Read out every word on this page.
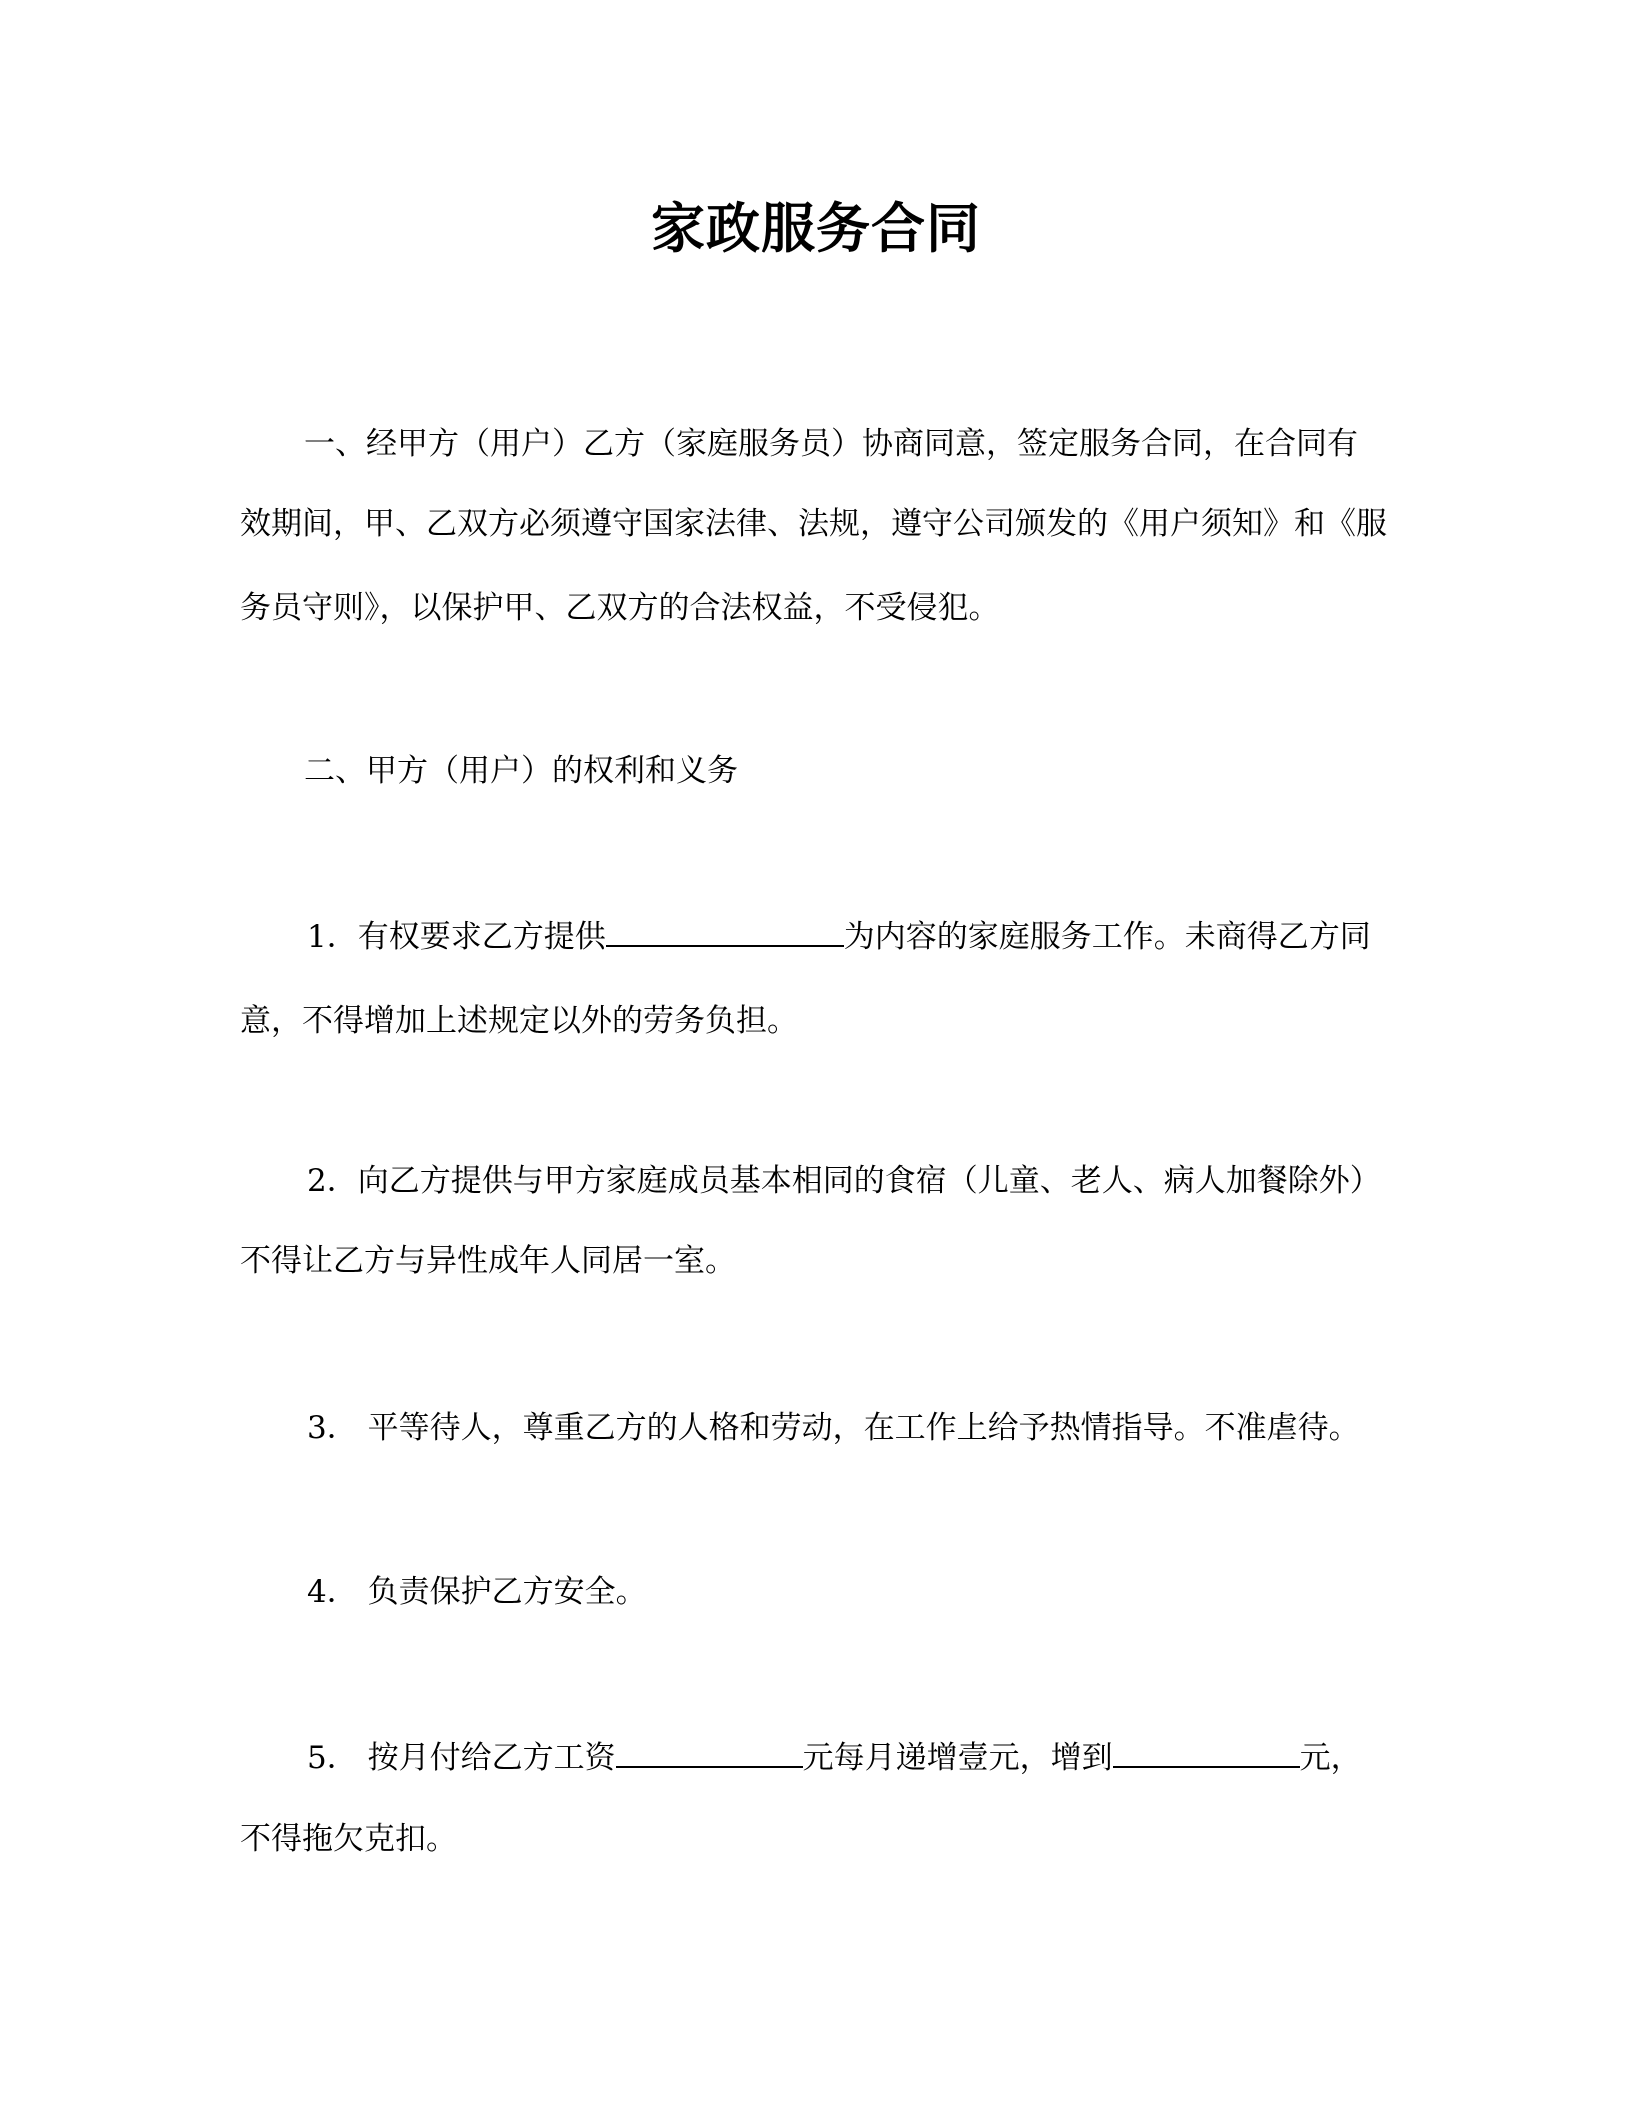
家政服务合同
一、经甲方（用户）乙方（家庭服务员）协商同意，签定服务合同，在合同有
效期间，甲、乙双方必须遵守国家法律、法规，遵守公司颁发的《用户须知》和《服
务员守则》，以保护甲、乙双方的合法权益，不受侵犯。
二、甲方（用户）的权利和义务
1．有权要求乙方提供	为内容的家庭服务工作。未商得乙方同
意，不得增加上述规定以外的劳务负担。
2．向乙方提供与甲方家庭成员基本相同的食宿（儿童、老人、病人加餐除外）
不得让乙方与异性成年人同居一室。
3． 平等待人，尊重乙方的人格和劳动，在工作上给予热情指导。不准虐待。
4． 负责保护乙方安全。
5． 按月付给乙方工资	元每月递增壹元，增到	元，
不得拖欠克扣。
